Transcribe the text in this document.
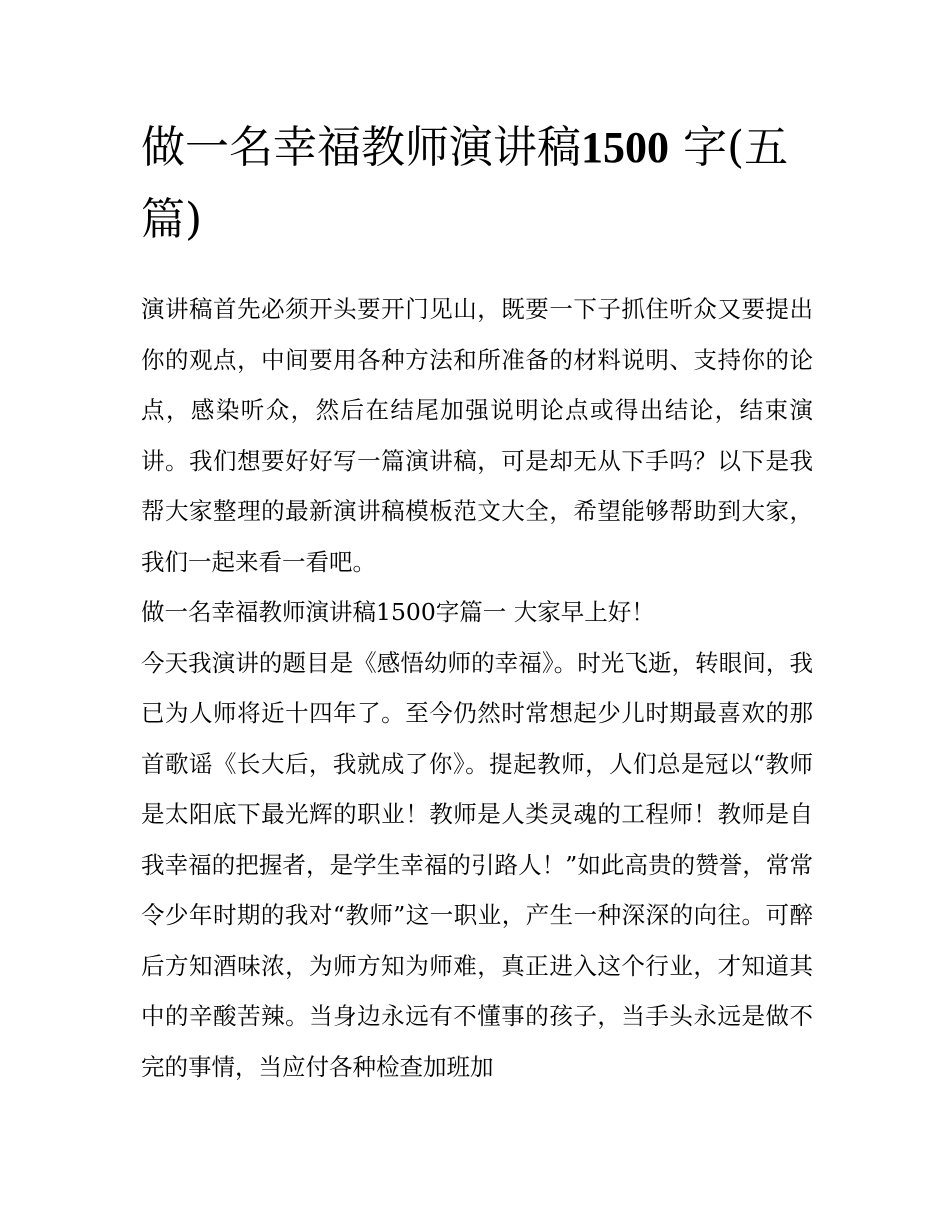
做一名幸福教师演讲稿1500 字(五篇)

演讲稿首先必须开头要开门见山，既要一下子抓住听众又要提出你的观点，中间要用各种方法和所准备的材料说明、支持你的论点，感染听众，然后在结尾加强说明论点或得出结论，结束演讲。我们想要好好写一篇演讲稿，可是却无从下手吗？以下是我帮大家整理的最新演讲稿模板范文大全，希望能够帮助到大家，我们一起来看一看吧。

做一名幸福教师演讲稿1500字篇一 大家早上好！

今天我演讲的题目是《感悟幼师的幸福》。时光飞逝，转眼间，我已为人师将近十四年了。至今仍然时常想起少儿时期最喜欢的那首歌谣《长大后，我就成了你》。提起教师，人们总是冠以“教师是太阳底下最光辉的职业！教师是人类灵魂的工程师！教师是自我幸福的把握者，是学生幸福的引路人！”如此高贵的赞誉，常常令少年时期的我对“教师”这一职业，产生一种深深的向往。可醉后方知酒味浓，为师方知为师难，真正进入这个行业，才知道其中的辛酸苦辣。当身边永远有不懂事的孩子，当手头永远是做不完的事情，当应付各种检查加班加
